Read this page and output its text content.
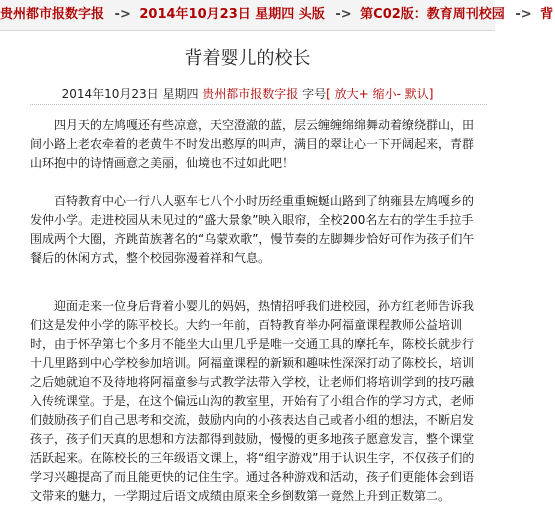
贵州都市报数字报 -> 2014年10月23日 星期四 头版 -> 第C02版：教育周刊校园 -> 背
背着婴儿的校长
2014年10月23日 星期四 贵州都市报数字报 字号[ 放大+ 缩小- 默认]

四月天的左鸠嘎还有些凉意，天空澄澈的蓝，层云缠缠绵绵舞动着缭绕群山，田间小路上老农牵着的老黄牛不时发出憨厚的叫声，满目的翠让心一下开阔起来，青群山环抱中的诗情画意之美丽，仙境也不过如此吧！

百特教育中心一行八人驱车七八个小时历经重重蜿蜒山路到了纳雍县左鸠嘎乡的发仲小学。走进校园从未见过的“盛大景象”映入眼帘，全校200名左右的学生手拉手围成两个大圈，齐跳苗族著名的“乌蒙欢歌”，慢节奏的左脚舞步恰好可作为孩子们午餐后的休闲方式，整个校园弥漫着祥和气息。

迎面走来一位身后背着小婴儿的妈妈，热情招呼我们进校园，孙方红老师告诉我们这是发仲小学的陈平校长。大约一年前，百特教育举办阿福童课程教师公益培训时，由于怀孕第七个多月不能坐大山里几乎是唯一交通工具的摩托车，陈校长就步行十几里路到中心学校参加培训。阿福童课程的新颖和趣味性深深打动了陈校长，培训之后她就迫不及待地将阿福童参与式教学法带入学校，让老师们将培训学到的技巧融入传统课堂。于是，在这个偏远山沟的教室里，开始有了小组合作的学习方式，老师们鼓励孩子们自己思考和交流，鼓励内向的小孩表达自己或者小组的想法，不断启发孩子，孩子们天真的思想和方法都得到鼓励，慢慢的更多地孩子愿意发言，整个课堂活跃起来。在陈校长的三年级语文课上，将“组字游戏”用于认识生字，不仅孩子们的学习兴趣提高了而且能更快的记住生字。通过各种游戏和活动，孩子们更能体会到语文带来的魅力，一学期过后语文成绩由原来全乡倒数第一竟然上升到正数第二。
